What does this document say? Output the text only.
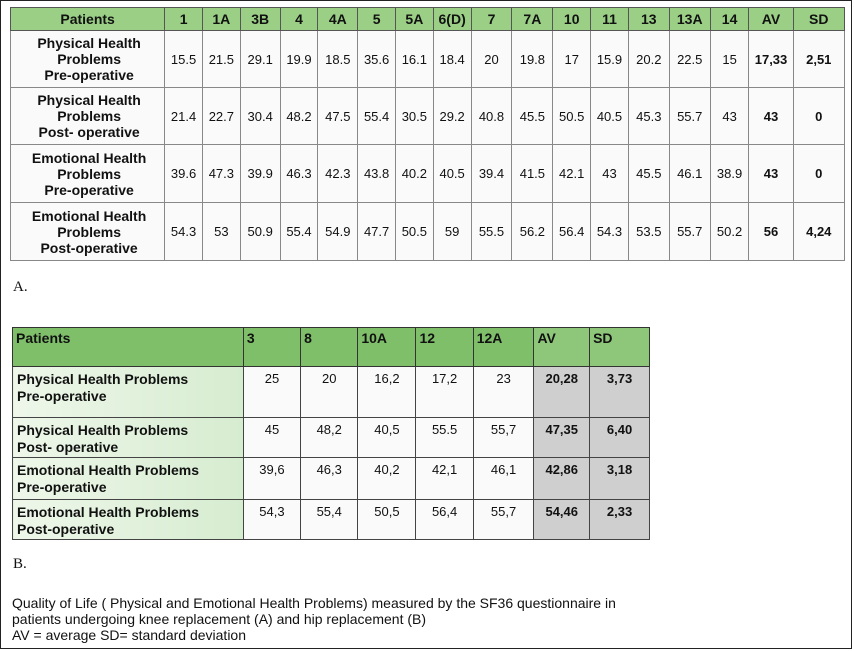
Patients	1	1A	3B	4	4A	5	5A	6(D)	7	7A	10	11	13	13A	14	AV	SD

Physical Health
Problems
Pre-operative	15.5	21.5	29.1	19.9	18.5	35.6	16.1	18.4	20	19.8	17	15.9	20.2	22.5	15	17,33	2,51

Physical Health
Problems
Post- operative	21.4	22.7	30.4	48.2	47.5	55.4	30.5	29.2	40.8	45.5	50.5	40.5	45.3	55.7	43	43	0

Emotional Health
Problems
Pre-operative	39.6	47.3	39.9	46.3	42.3	43.8	40.2	40.5	39.4	41.5	42.1	43	45.5	46.1	38.9	43	0

Emotional Health
Problems
Post-operative	54.3	53	50.9	55.4	54.9	47.7	50.5	59	55.5	56.2	56.4	54.3	53.5	55.7	50.2	56	4,24
A.
Patients	3	8	10A	12	12A	AV	SD

Physical Health Problems
Pre-operative	25	20	16,2	17,2	23	20,28	3,73

Physical Health Problems
Post- operative	45	48,2	40,5	55.5	55,7	47,35	6,40

Emotional Health Problems
Pre-operative	39,6	46,3	40,2	42,1	46,1	42,86	3,18

Emotional Health Problems
Post-operative	54,3	55,4	50,5	56,4	55,7	54,46	2,33
B.
Quality of Life ( Physical and Emotional Health Problems) measured by the SF36 questionnaire in
patients undergoing knee replacement (A) and hip replacement (B)
AV = average SD= standard deviation
